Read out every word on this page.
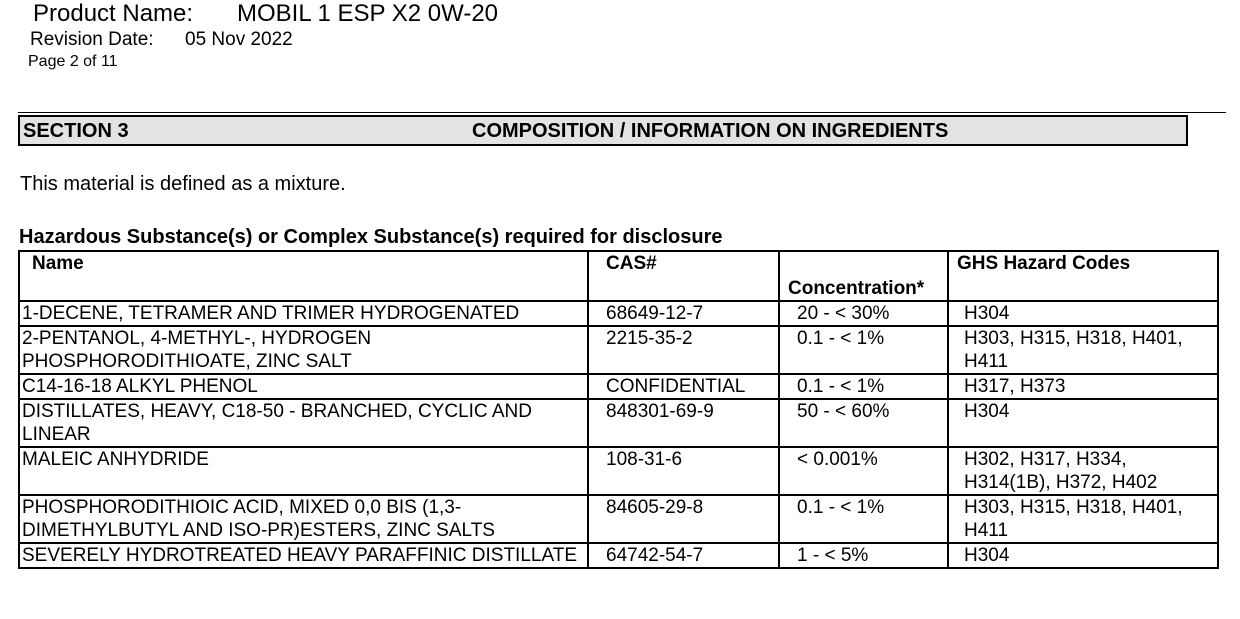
Product Name: MOBIL 1 ESP X2 0W-20
Revision Date: 05 Nov 2022
Page 2 of 11
SECTION 3	COMPOSITION / INFORMATION ON INGREDIENTS
This material is defined as a mixture.
Hazardous Substance(s) or Complex Substance(s) required for disclosure
Name	CAS#	Concentration*	GHS Hazard Codes
1-DECENE, TETRAMER AND TRIMER HYDROGENATED	68649-12-7	20 - < 30%	H304
2-PENTANOL, 4-METHYL-, HYDROGEN PHOSPHORODITHIOATE, ZINC SALT	2215-35-2	0.1 - < 1%	H303, H315, H318, H401, H411
C14-16-18 ALKYL PHENOL	CONFIDENTIAL	0.1 - < 1%	H317, H373
DISTILLATES, HEAVY, C18-50 - BRANCHED, CYCLIC AND LINEAR	848301-69-9	50 - < 60%	H304
MALEIC ANHYDRIDE	108-31-6	< 0.001%	H302, H317, H334, H314(1B), H372, H402
PHOSPHORODITHIOIC ACID, MIXED 0,0 BIS (1,3-DIMETHYLBUTYL AND ISO-PR)ESTERS, ZINC SALTS	84605-29-8	0.1 - < 1%	H303, H315, H318, H401, H411
SEVERELY HYDROTREATED HEAVY PARAFFINIC DISTILLATE	64742-54-7	1 - < 5%	H304
